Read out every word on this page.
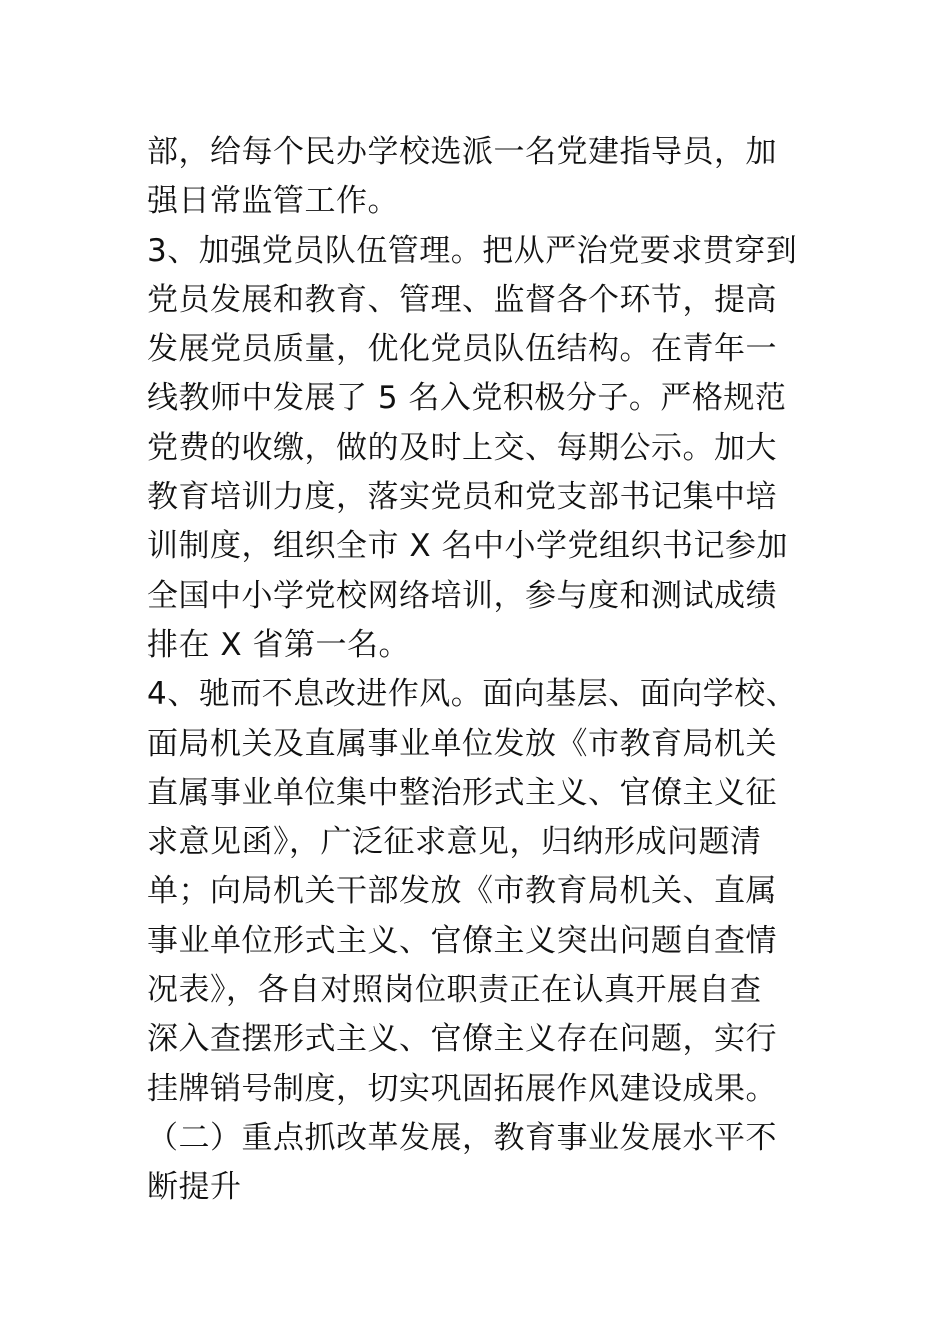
部，给每个民办学校选派一名党建指导员，加
强日常监管工作。
3、加强党员队伍管理。把从严治党要求贯穿到
党员发展和教育、管理、监督各个环节，提高
发展党员质量，优化党员队伍结构。在青年一
线教师中发展了 5 名入党积极分子。严格规范
党费的收缴，做的及时上交、每期公示。加大
教育培训力度，落实党员和党支部书记集中培
训制度，组织全市 X 名中小学党组织书记参加
全国中小学党校网络培训，参与度和测试成绩
排在 X 省第一名。
4、驰而不息改进作风。面向基层、面向学校、
面局机关及直属事业单位发放《市教育局机关
直属事业单位集中整治形式主义、官僚主义征
求意见函》，广泛征求意见，归纳形成问题清
单；向局机关干部发放《市教育局机关、直属
事业单位形式主义、官僚主义突出问题自查情
况表》，各自对照岗位职责正在认真开展自查
深入查摆形式主义、官僚主义存在问题，实行
挂牌销号制度，切实巩固拓展作风建设成果。
（二）重点抓改革发展，教育事业发展水平不
断提升
